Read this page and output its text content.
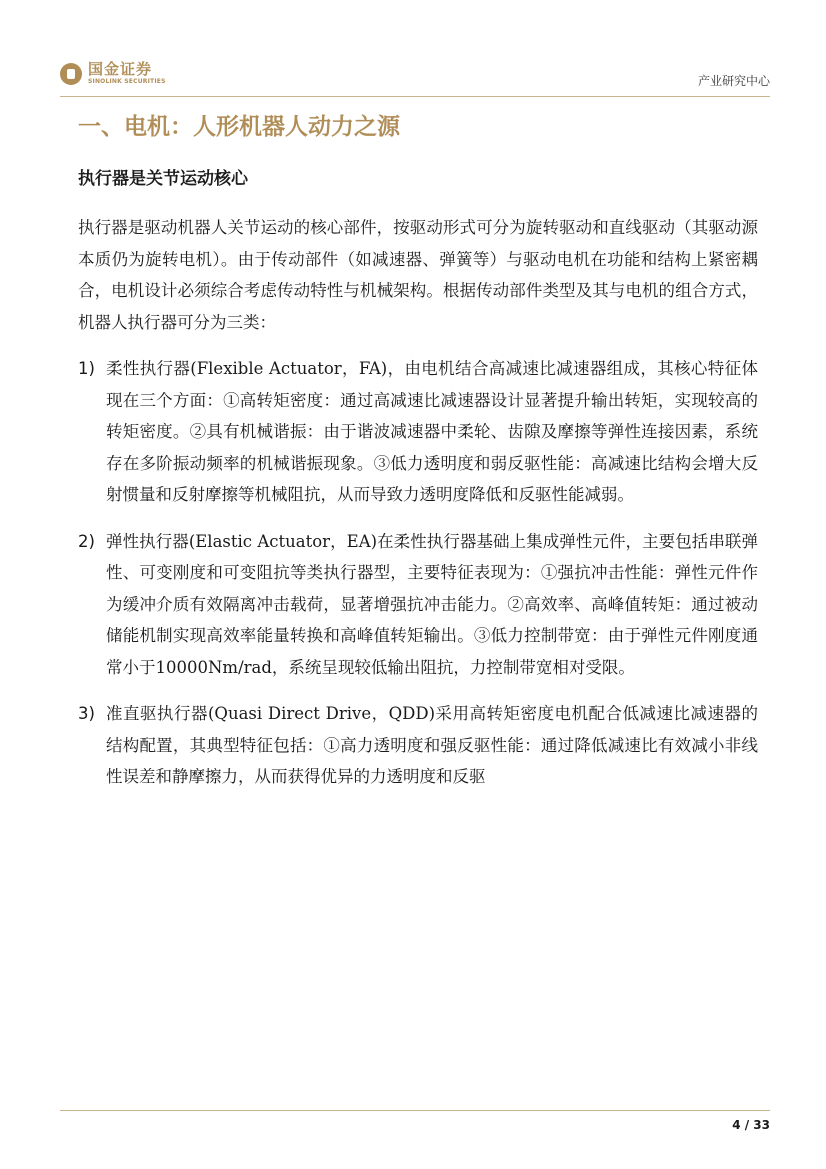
国金证券
SINOLINK SECURITIES	产业研究中心
一、电机：人形机器人动力之源
执行器是关节运动核心

执行器是驱动机器人关节运动的核心部件，按驱动形式可分为旋转驱动和直线驱动（其驱动源本质仍为旋转电机）。由于传动部件（如减速器、弹簧等）与驱动电机在功能和结构上紧密耦合，电机设计必须综合考虑传动特性与机械架构。根据传动部件类型及其与电机的组合方式，机器人执行器可分为三类：

1) 柔性执行器(Flexible Actuator，FA)，由电机结合高减速比减速器组成，其核心特征体现在三个方面：①高转矩密度：通过高减速比减速器设计显著提升输出转矩，实现较高的转矩密度。②具有机械谐振：由于谐波减速器中柔轮、齿隙及摩擦等弹性连接因素，系统存在多阶振动频率的机械谐振现象。③低力透明度和弱反驱性能：高减速比结构会增大反射惯量和反射摩擦等机械阻抗，从而导致力透明度降低和反驱性能减弱。

2) 弹性执行器(Elastic Actuator，EA)在柔性执行器基础上集成弹性元件，主要包括串联弹性、可变刚度和可变阻抗等类执行器型，主要特征表现为：①强抗冲击性能：弹性元件作为缓冲介质有效隔离冲击载荷，显著增强抗冲击能力。②高效率、高峰值转矩：通过被动储能机制实现高效率能量转换和高峰值转矩输出。③低力控制带宽：由于弹性元件刚度通常小于10000Nm/rad，系统呈现较低输出阻抗，力控制带宽相对受限。

3) 准直驱执行器(Quasi Direct Drive，QDD)采用高转矩密度电机配合低减速比减速器的结构配置，其典型特征包括：①高力透明度和强反驱性能：通过降低减速比有效减小非线性误差和静摩擦力，从而获得优异的力透明度和反驱

4 / 33
